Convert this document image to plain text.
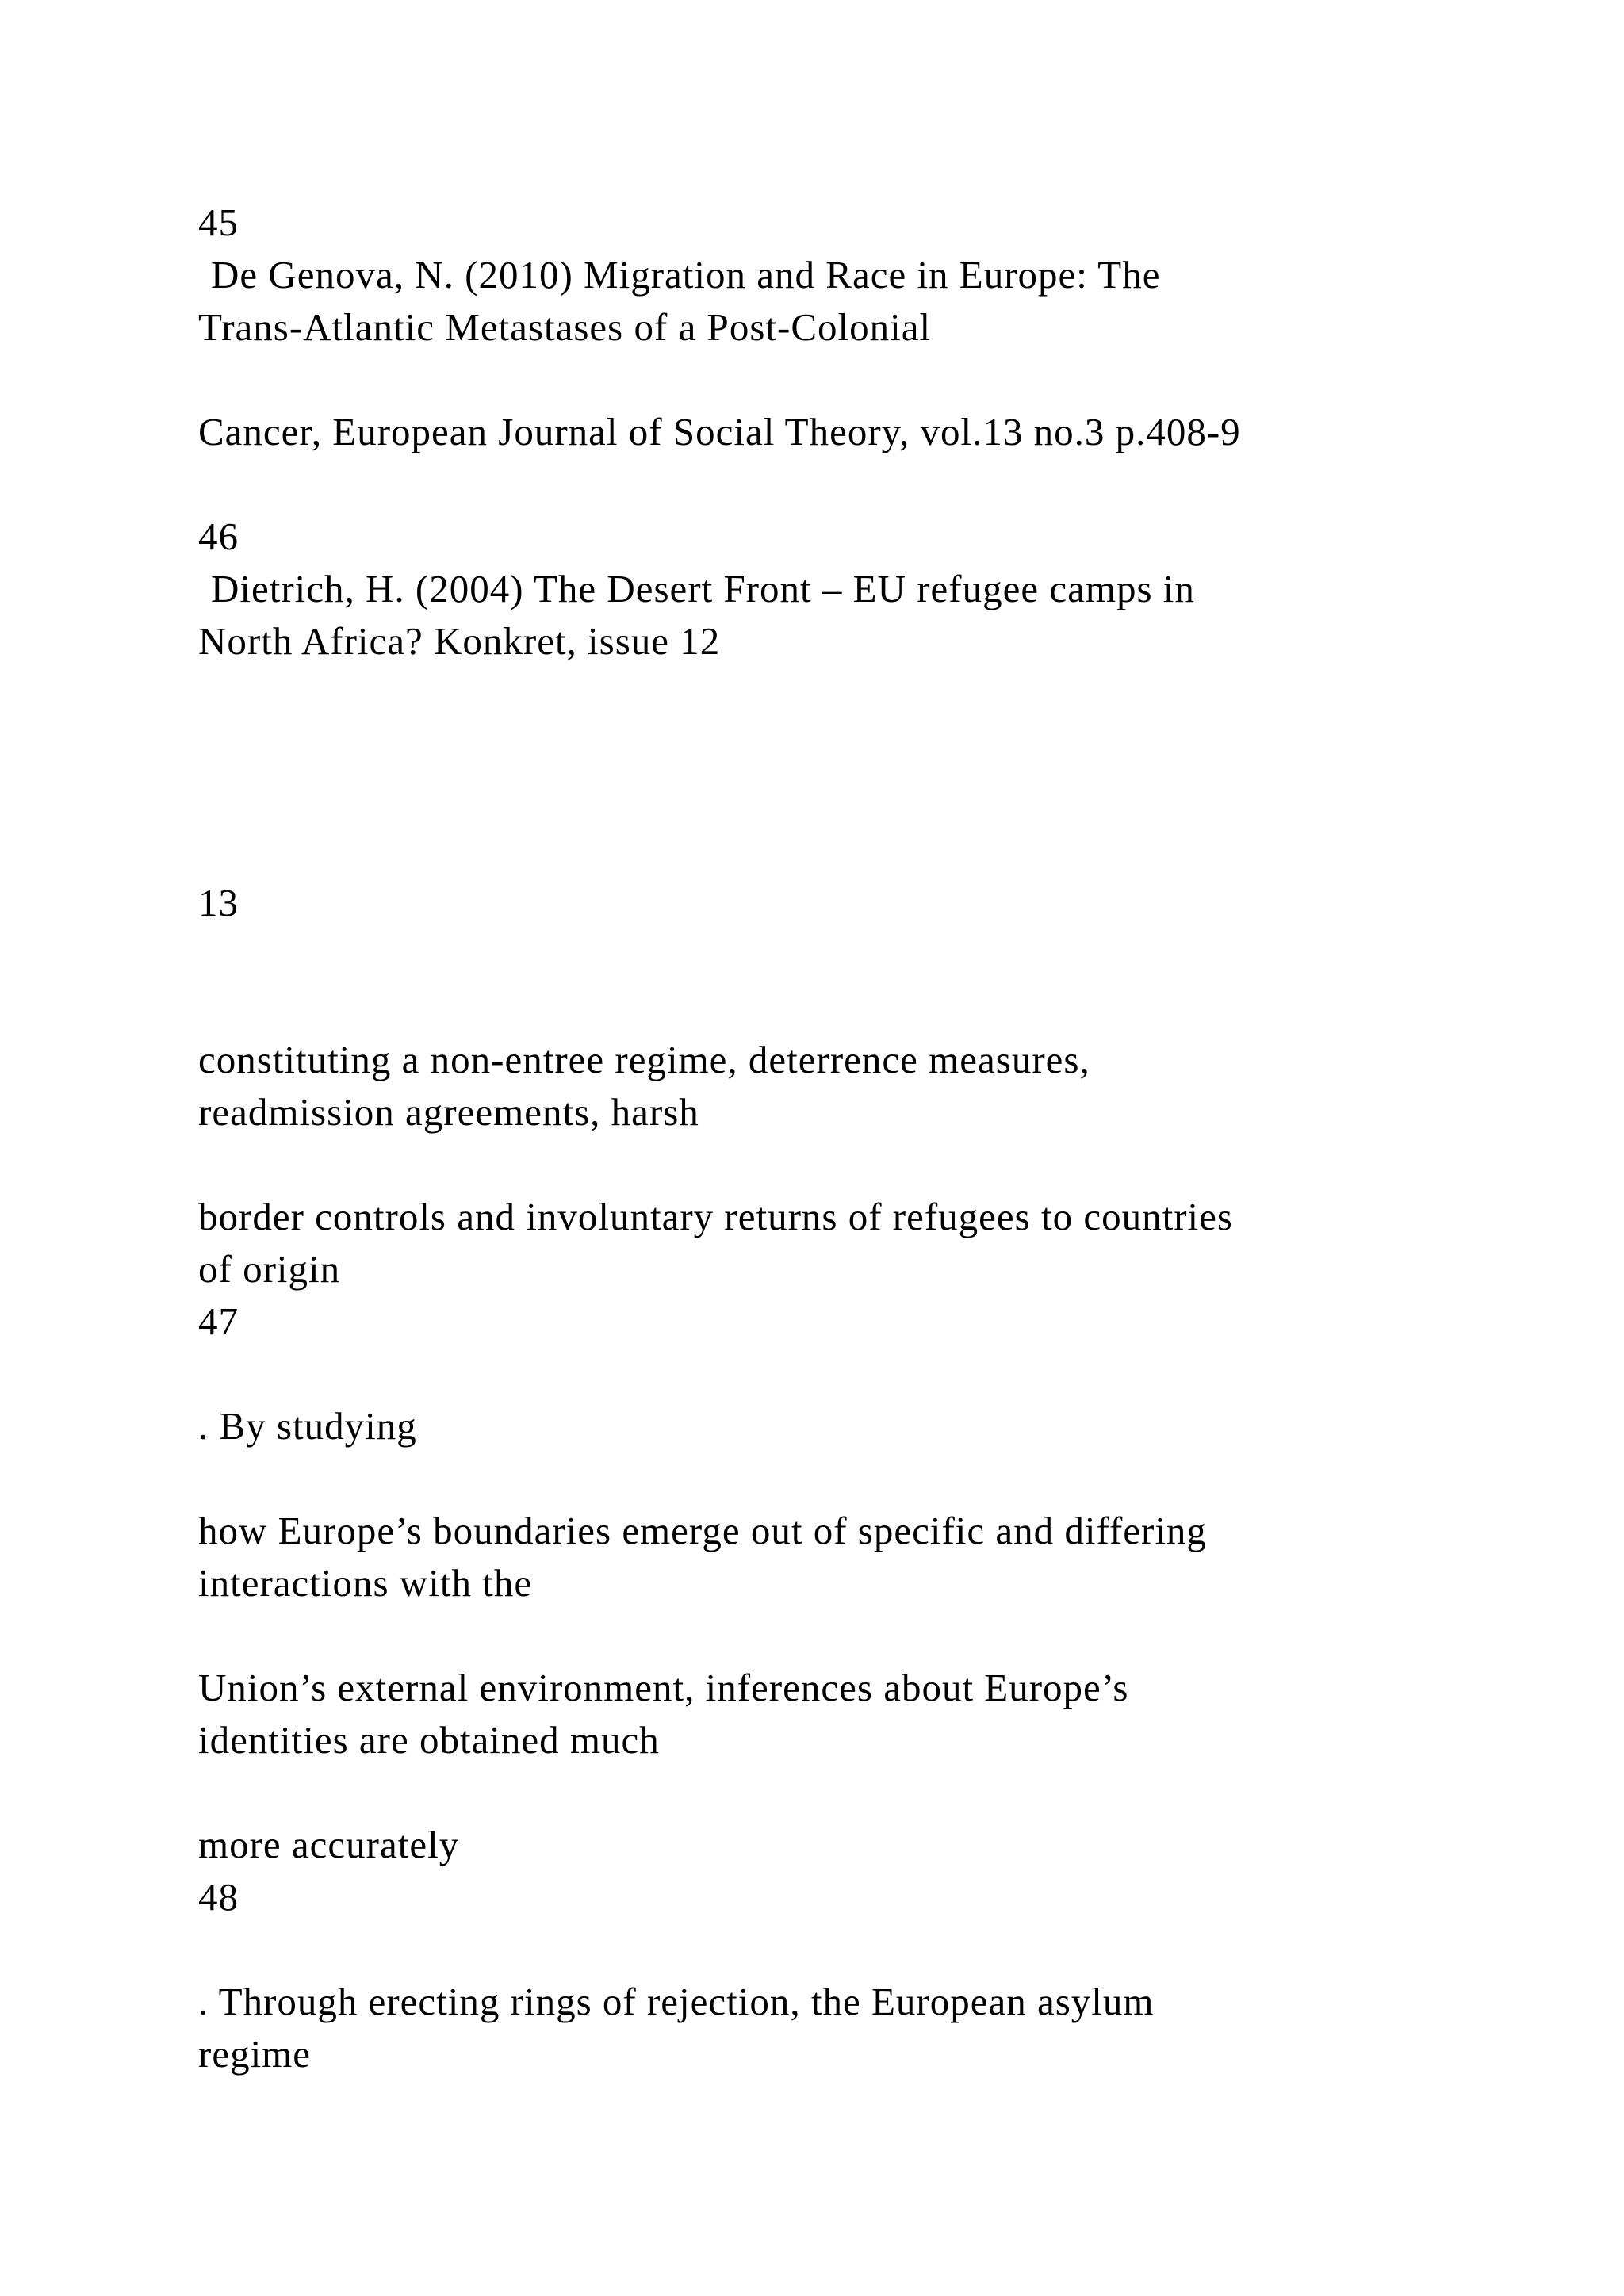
45
De Genova, N. (2010) Migration and Race in Europe: The
Trans-Atlantic Metastases of a Post-Colonial
Cancer, European Journal of Social Theory, vol.13 no.3 p.408-9
46
Dietrich, H. (2004) The Desert Front – EU refugee camps in
North Africa? Konkret, issue 12
13
constituting a non-entree regime, deterrence measures,
readmission agreements, harsh
border controls and involuntary returns of refugees to countries
of origin
47
. By studying
how Europe’s boundaries emerge out of specific and differing
interactions with the
Union’s external environment, inferences about Europe’s
identities are obtained much
more accurately
48
. Through erecting rings of rejection, the European asylum
regime
